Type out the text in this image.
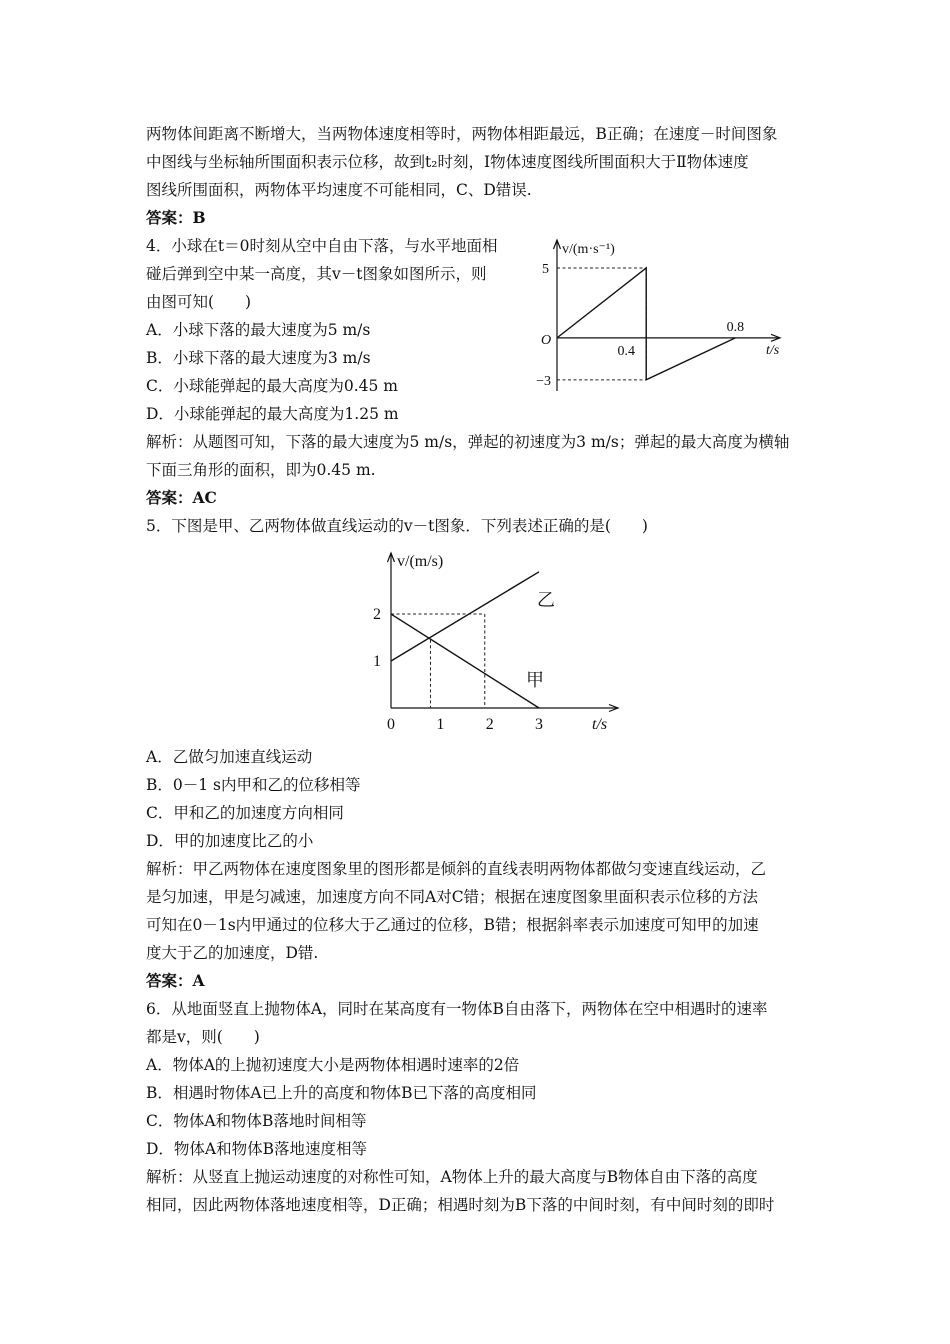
两物体间距离不断增大，当两物体速度相等时，两物体相距最远，B正确；在速度－时间图象
中图线与坐标轴所围面积表示位移，故到t₂时刻，Ⅰ物体速度图线所围面积大于Ⅱ物体速度
图线所围面积，两物体平均速度不可能相同，C、D错误.
答案：B
4．小球在t＝0时刻从空中自由下落，与水平地面相
碰后弹到空中某一高度，其v－t图象如图所示，则
由图可知(　　)
A．小球下落的最大速度为5 m/s
B．小球下落的最大速度为3 m/s
C．小球能弹起的最大高度为0.45 m
D．小球能弹起的最大高度为1.25 m
v/(m·s⁻¹)
O
t/s
0.4
0.8
5
−3
解析：从题图可知，下落的最大速度为5 m/s，弹起的初速度为3 m/s；弹起的最大高度为横轴
下面三角形的面积，即为0.45 m.
答案：AC
5．下图是甲、乙两物体做直线运动的v－t图象．下列表述正确的是(　　)
0	1	2	3
1
2
v/(m/s)
t/s
乙
甲
A．乙做匀加速直线运动
B．0－1 s内甲和乙的位移相等
C．甲和乙的加速度方向相同
D．甲的加速度比乙的小
解析：甲乙两物体在速度图象里的图形都是倾斜的直线表明两物体都做匀变速直线运动，乙
是匀加速，甲是匀减速，加速度方向不同A对C错；根据在速度图象里面积表示位移的方法
可知在0－1s内甲通过的位移大于乙通过的位移，B错；根据斜率表示加速度可知甲的加速
度大于乙的加速度，D错.
答案：A
6．从地面竖直上抛物体A，同时在某高度有一物体B自由落下，两物体在空中相遇时的速率
都是v，则(　　)
A．物体A的上抛初速度大小是两物体相遇时速率的2倍
B．相遇时物体A已上升的高度和物体B已下落的高度相同
C．物体A和物体B落地时间相等
D．物体A和物体B落地速度相等
解析：从竖直上抛运动速度的对称性可知，A物体上升的最大高度与B物体自由下落的高度
相同，因此两物体落地速度相等，D正确；相遇时刻为B下落的中间时刻，有中间时刻的即时
